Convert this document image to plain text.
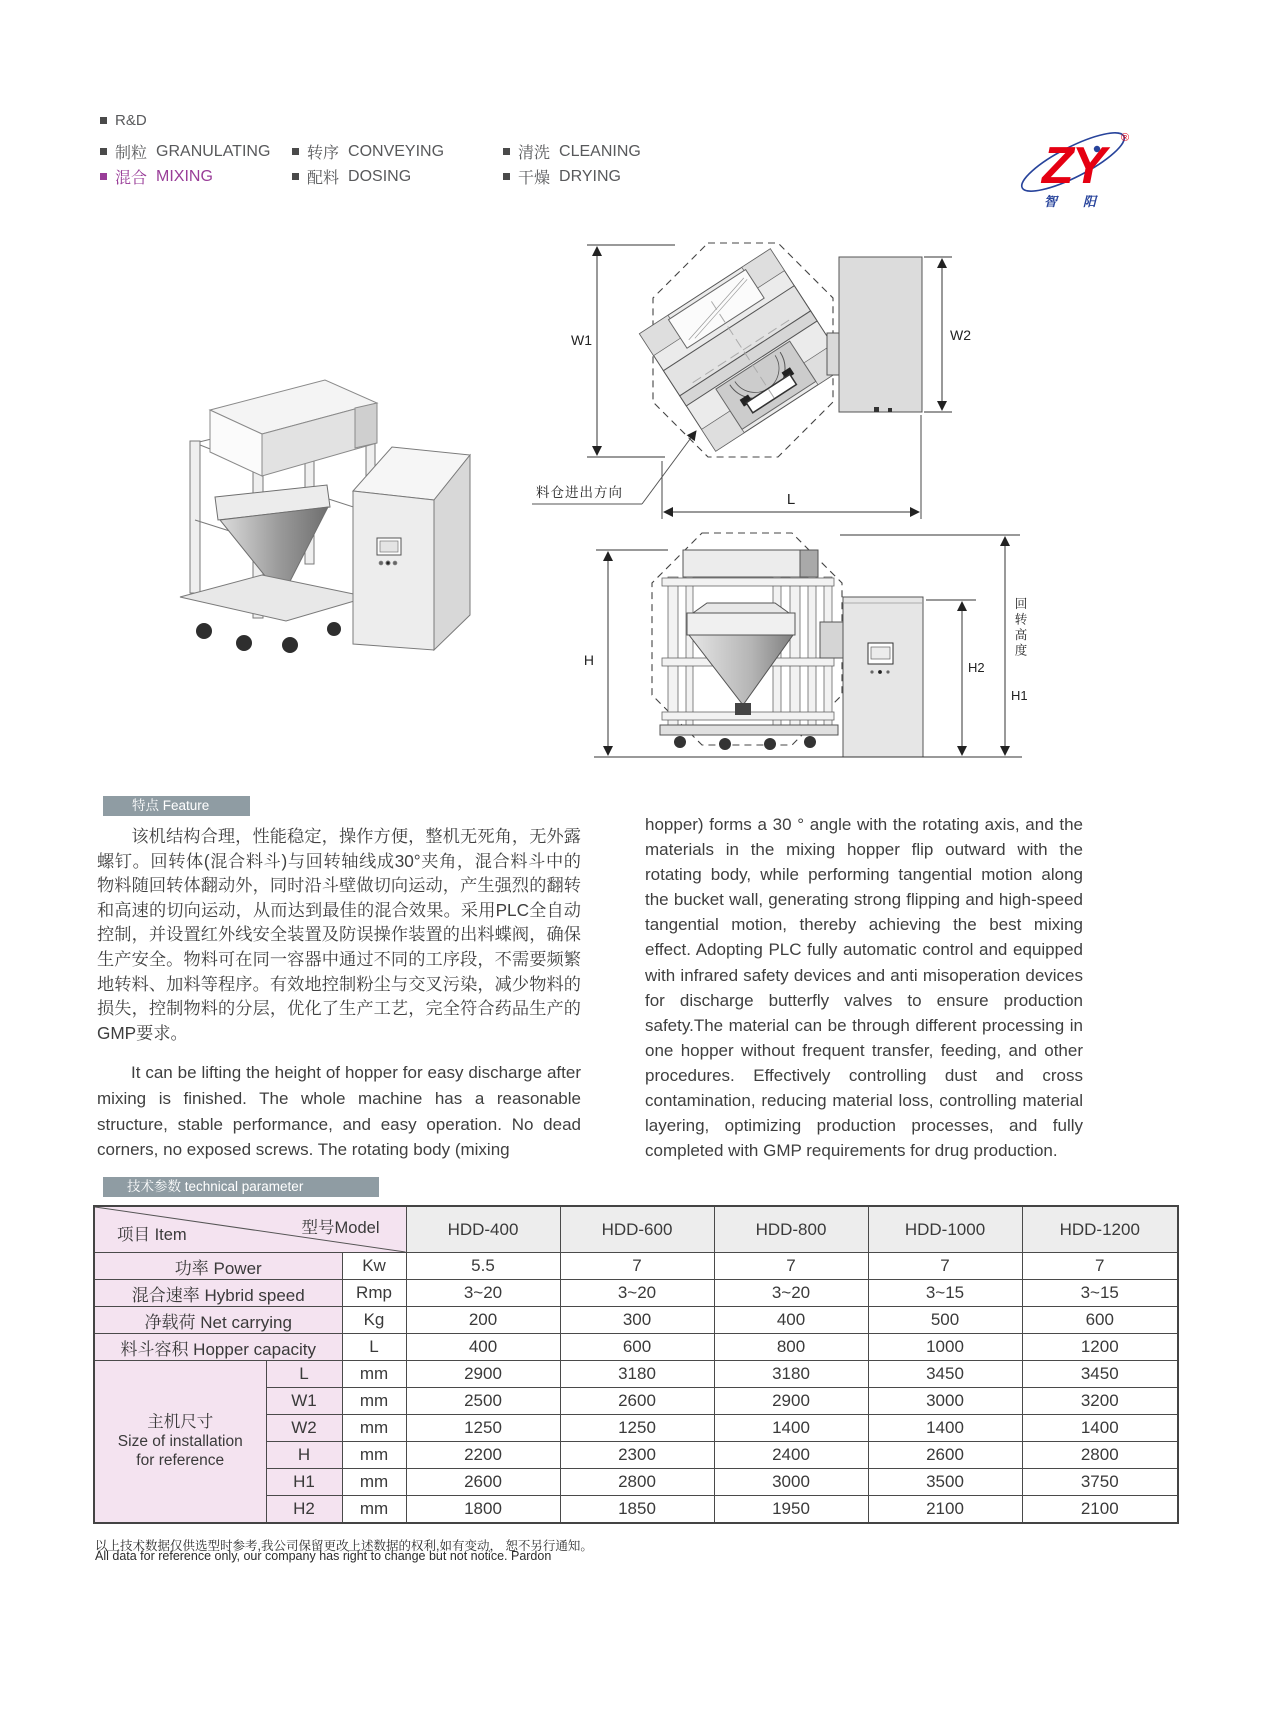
R&D
制粒 GRANULATING
混合 MIXING
转序 CONVEYING
配料 DOSING
清洗 CLEANING
干燥 DRYING	ZY	®
智阳
W1	W2
L
料仓进出方向
H	H2
H1
回转高度
特点 Feature
该机结构合理，性能稳定，操作方便，整机无死角，无外露螺钉。回转体(混合料斗)与回转轴线成30°夹角，混合料斗中的物料随回转体翻动外，同时沿斗壁做切向运动，产生强烈的翻转和高速的切向运动，从而达到最佳的混合效果。采用PLC全自动控制，并设置红外线安全装置及防误操作装置的出料蝶阀，确保生产安全。物料可在同一容器中通过不同的工序段，不需要频繁地转料、加料等程序。有效地控制粉尘与交叉污染，减少物料的损失，控制物料的分层，优化了生产工艺，完全符合药品生产的GMP要求。
It can be lifting the height of hopper for easy discharge after mixing is finished. The whole machine has a reasonable structure, stable performance, and easy operation. No dead corners, no exposed screws. The rotating body (mixing
hopper) forms a 30 ° angle with the rotating axis, and the materials in the mixing hopper flip outward with the rotating body, while performing tangential motion along the bucket wall, generating strong flipping and high-speed tangential motion, thereby achieving the best mixing effect. Adopting PLC fully automatic control and equipped with infrared safety devices and anti misoperation devices for discharge butterfly valves to ensure production safety.The material can be through different processing in one hopper without frequent transfer, feeding, and other procedures. Effectively controlling dust and cross contamination, reducing material loss, controlling material layering, optimizing production processes, and fully completed with GMP requirements for drug production.
技术参数 technical parameter
型号Model
项目 Item			HDD-400	HDD-600	HDD-800	HDD-1000	HDD-1200
功率 Power		Kw	5.5	7	7	7	7
混合速率 Hybrid speed		Rmp	3~20	3~20	3~20	3~15	3~15
净载荷 Net carrying		Kg	200	300	400	500	600
料斗容积 Hopper capacity		L	400	600	800	1000	1200

主机尺寸
Size of installation
for reference	L	mm	2900	3180	3180	3450	3450
	W1	mm	2500	2600	2900	3000	3200
	W2	mm	1250	1250	1400	1400	1400
	H	mm	2200	2300	2400	2600	2800
	H1	mm	2600	2800	3000	3500	3750
	H2	mm	1800	1850	1950	2100	2100
以上技术数据仅供选型时参考,我公司保留更改上述数据的权利,如有变动， 恕不另行通知。
All data for reference only, our company has right to change but not notice. Pardon
